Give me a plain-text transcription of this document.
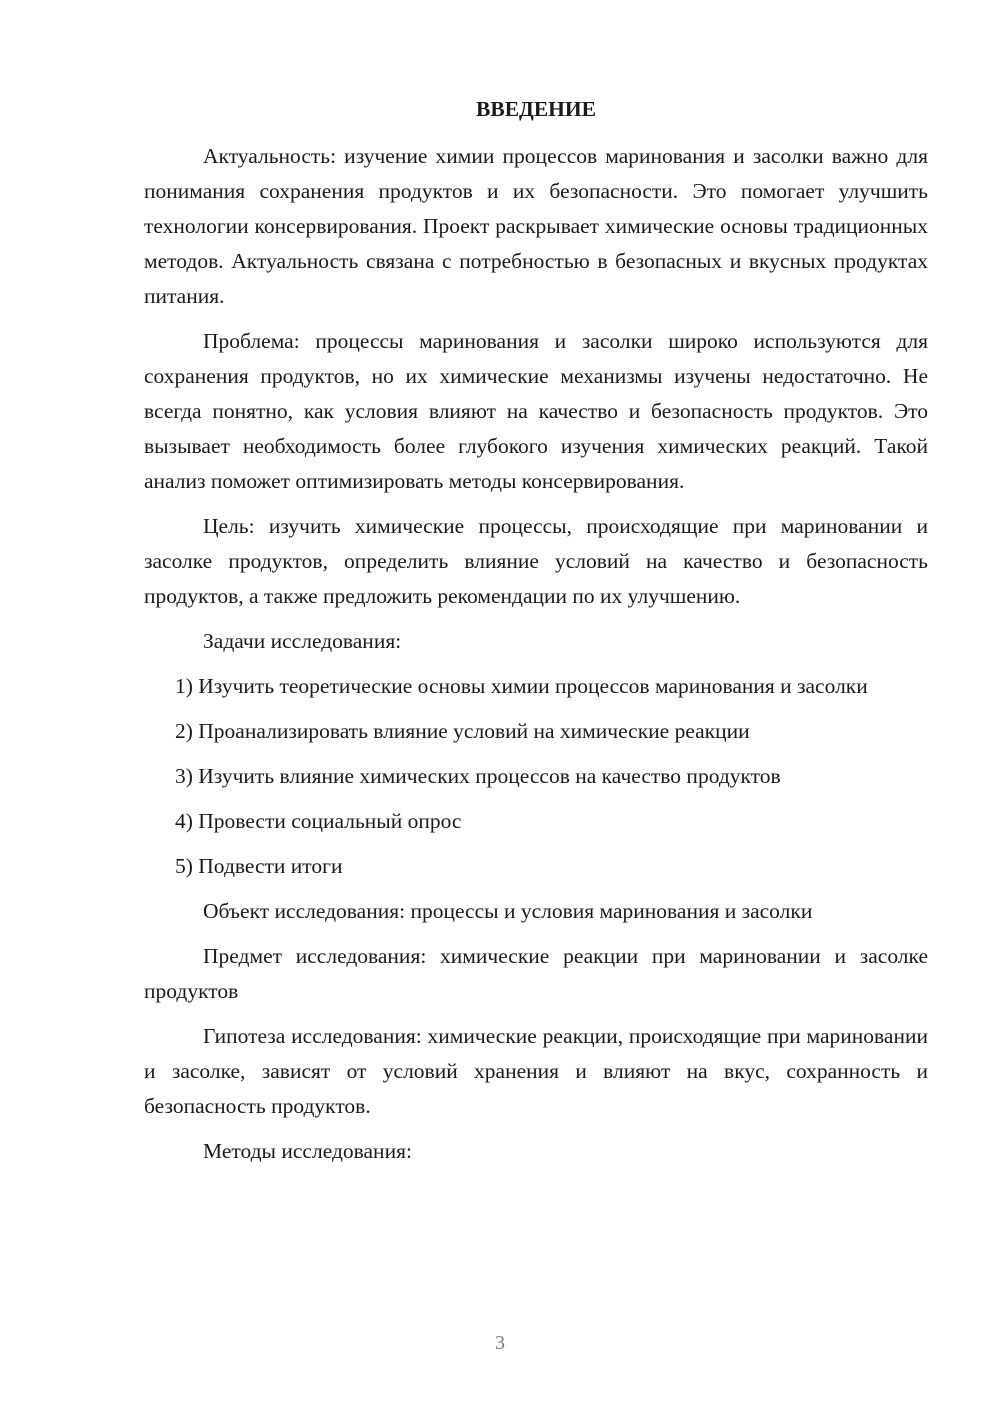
ВВЕДЕНИЕ

Актуальность: изучение химии процессов маринования и засолки важно для понимания сохранения продуктов и их безопасности. Это помогает улучшить технологии консервирования. Проект раскрывает химические основы традиционных методов. Актуальность связана с потребностью в безопасных и вкусных продуктах питания.

Проблема: процессы маринования и засолки широко используются для сохранения продуктов, но их химические механизмы изучены недостаточно. Не всегда понятно, как условия влияют на качество и безопасность продуктов. Это вызывает необходимость более глубокого изучения химических реакций. Такой анализ поможет оптимизировать методы консервирования.

Цель: изучить химические процессы, происходящие при мариновании и засолке продуктов, определить влияние условий на качество и безопасность продуктов, а также предложить рекомендации по их улучшению.

Задачи исследования:

1) Изучить теоретические основы химии процессов маринования и засолки

2) Проанализировать влияние условий на химические реакции

3) Изучить влияние химических процессов на качество продуктов

4) Провести социальный опрос

5) Подвести итоги

Объект исследования: процессы и условия маринования и засолки

Предмет исследования: химические реакции при мариновании и засолке продуктов

Гипотеза исследования: химические реакции, происходящие при мариновании и засолке, зависят от условий хранения и влияют на вкус, сохранность и безопасность продуктов.

Методы исследования:

3
